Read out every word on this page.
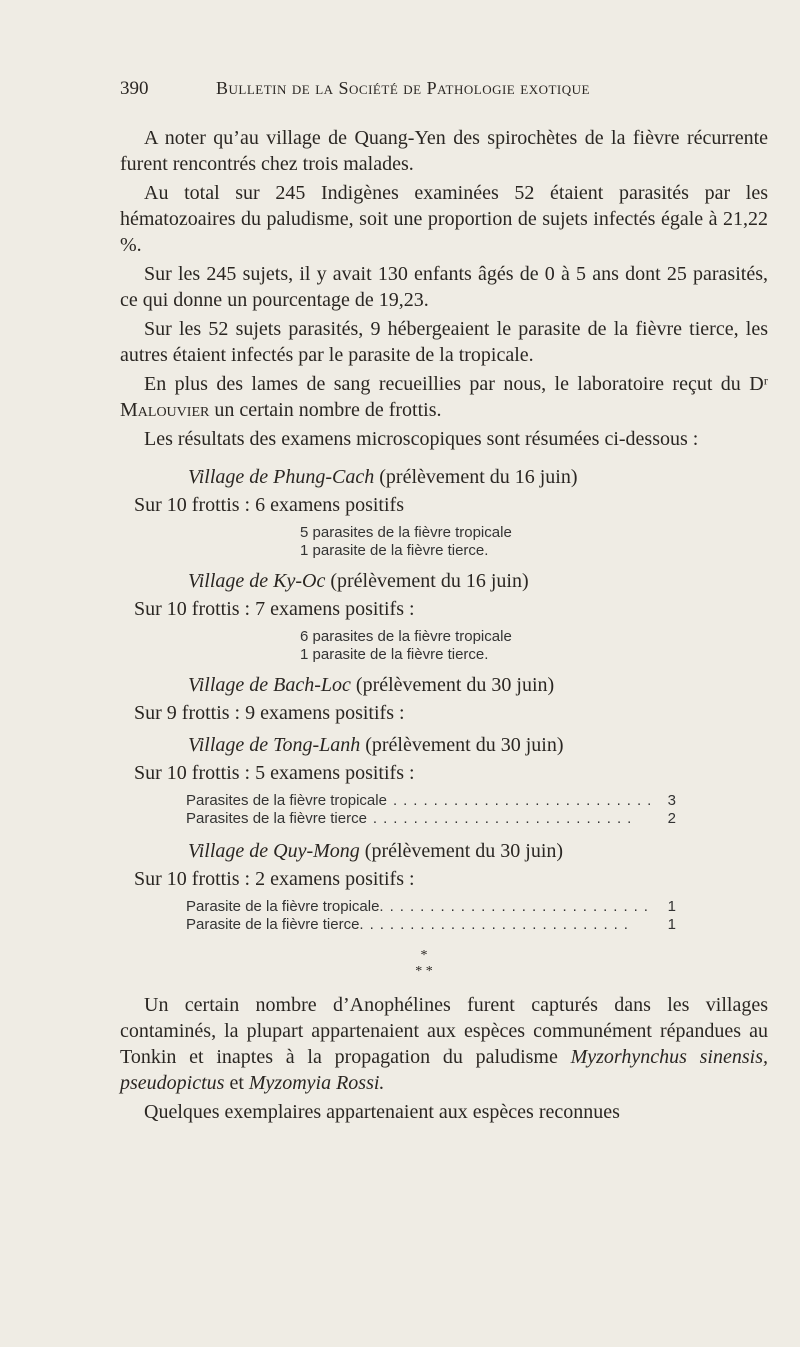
390	Bulletin de la Société de Pathologie exotique

A noter qu’au village de Quang-Yen des spirochètes de la fièvre récurrente furent rencontrés chez trois malades.

Au total sur 245 Indigènes examinées 52 étaient parasités par les hématozoaires du paludisme, soit une proportion de sujets infectés égale à 21,22 %.

Sur les 245 sujets, il y avait 130 enfants âgés de 0 à 5 ans dont 25 parasités, ce qui donne un pourcentage de 19,23.

Sur les 52 sujets parasités, 9 hébergeaient le parasite de la fièvre tierce, les autres étaient infectés par le parasite de la tropicale.

En plus des lames de sang recueillies par nous, le laboratoire reçut du Dʳ Malouvier un certain nombre de frottis.

Les résultats des examens microscopiques sont résumées ci-dessous :

Village de Phung-Cach (prélèvement du 16 juin)
Sur 10 frottis : 6 examens positifs
5 parasites de la fièvre tropicale
1 parasite de la fièvre tierce.
Village de Ky-Oc (prélèvement du 16 juin)
Sur 10 frottis : 7 examens positifs :
6 parasites de la fièvre tropicale
1 parasite de la fièvre tierce.
Village de Bach-Loc (prélèvement du 30 juin)
Sur 9 frottis : 9 examens positifs :
Village de Tong-Lanh (prélèvement du 30 juin)
Sur 10 frottis : 5 examens positifs :
Parasites de la fièvre tropicale .......................... 3
Parasites de la fièvre tierce ..........................	2
Village de Quy-Mong (prélèvement du 30 juin)
Sur 10 frottis : 2 examens positifs :
Parasite de la fièvre tropicale. .......................... 1
Parasite de la fièvre tierce. ..........................	1
*
* *

Un certain nombre d’Anophélines furent capturés dans les villages contaminés, la plupart appartenaient aux espèces communément répandues au Tonkin et inaptes à la propagation du paludisme Myzorhynchus sinensis, pseudopictus et Myzomyia Rossi.

Quelques exemplaires appartenaient aux espèces reconnues
